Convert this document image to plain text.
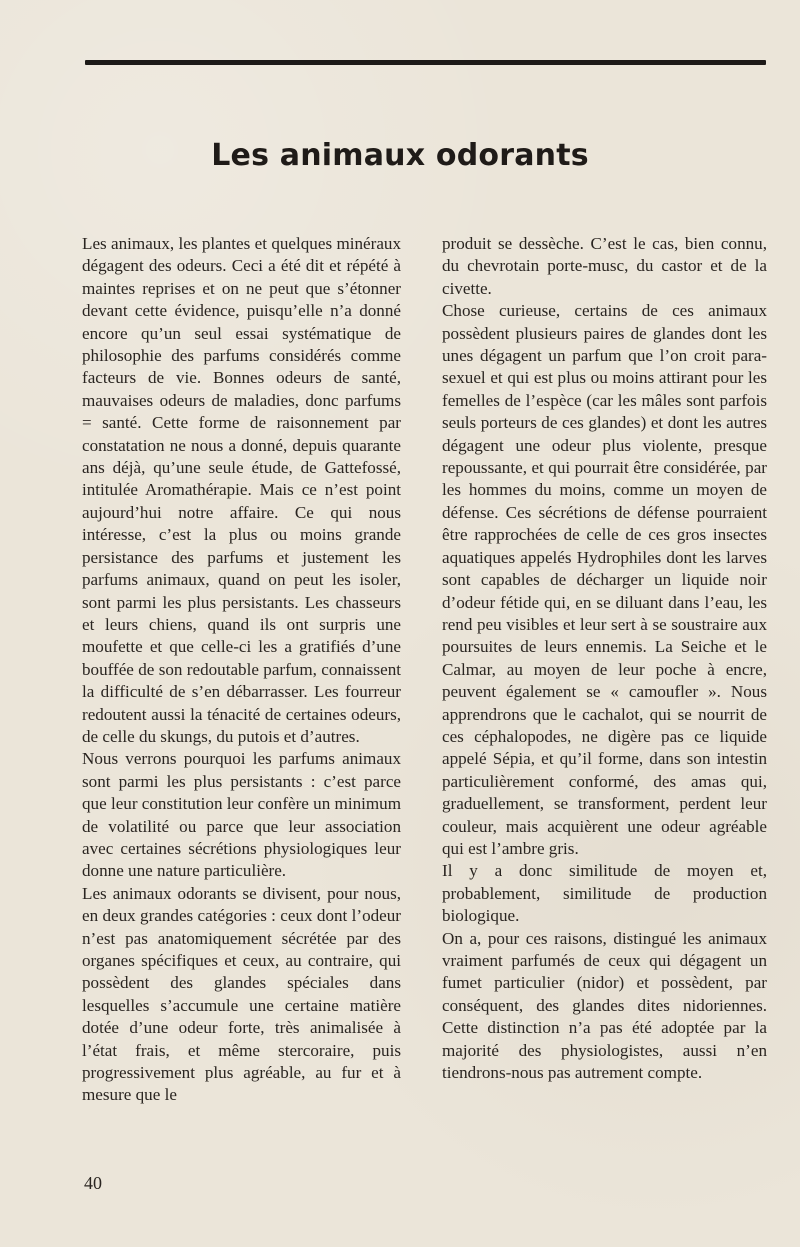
Les animaux odorants

Les animaux, les plantes et quelques minéraux dégagent des odeurs. Ceci a été dit et répété à maintes reprises et on ne peut que s’étonner devant cette évidence, puisqu’elle n’a donné encore qu’un seul essai systématique de philosophie des parfums considérés comme facteurs de vie. Bonnes odeurs de santé, mauvaises odeurs de maladies, donc parfums = santé. Cette forme de raisonnement par constatation ne nous a donné, depuis quarante ans déjà, qu’une seule étude, de Gattefossé, intitulée Aromathérapie. Mais ce n’est point aujourd’hui notre affaire. Ce qui nous intéresse, c’est la plus ou moins grande persistance des parfums et justement les parfums animaux, quand on peut les isoler, sont parmi les plus persistants. Les chasseurs et leurs chiens, quand ils ont surpris une moufette et que celle-ci les a gratifiés d’une bouffée de son redoutable parfum, connaissent la difficulté de s’en débarrasser. Les fourreur redoutent aussi la ténacité de certaines odeurs, de celle du skungs, du putois et d’autres.

Nous verrons pourquoi les parfums animaux sont parmi les plus persistants : c’est parce que leur constitution leur confère un minimum de volatilité ou parce que leur association avec certaines sécrétions physiologiques leur donne une nature particulière.

Les animaux odorants se divisent, pour nous, en deux grandes catégories : ceux dont l’odeur n’est pas anatomiquement sécrétée par des organes spécifiques et ceux, au contraire, qui possèdent des glandes spéciales dans lesquelles s’accumule une certaine matière dotée d’une odeur forte, très animalisée à l’état frais, et même stercoraire, puis progressivement plus agréable, au fur et à mesure que le

produit se dessèche. C’est le cas, bien connu, du chevrotain porte-musc, du castor et de la civette.

Chose curieuse, certains de ces animaux possèdent plusieurs paires de glandes dont les unes dégagent un parfum que l’on croit para-sexuel et qui est plus ou moins attirant pour les femelles de l’espèce (car les mâles sont parfois seuls porteurs de ces glandes) et dont les autres dégagent une odeur plus violente, presque repoussante, et qui pourrait être considérée, par les hommes du moins, comme un moyen de défense. Ces sécrétions de défense pourraient être rapprochées de celle de ces gros insectes aquatiques appelés Hydrophiles dont les larves sont capables de décharger un liquide noir d’odeur fétide qui, en se diluant dans l’eau, les rend peu visibles et leur sert à se soustraire aux poursuites de leurs ennemis. La Seiche et le Calmar, au moyen de leur poche à encre, peuvent également se « camoufler ». Nous apprendrons que le cachalot, qui se nourrit de ces céphalopodes, ne digère pas ce liquide appelé Sépia, et qu’il forme, dans son intestin particulièrement conformé, des amas qui, graduellement, se transforment, perdent leur couleur, mais acquièrent une odeur agréable qui est l’ambre gris.

Il y a donc similitude de moyen et, probablement, similitude de production biologique.

On a, pour ces raisons, distingué les animaux vraiment parfumés de ceux qui dégagent un fumet particulier (nidor) et possèdent, par conséquent, des glandes dites nidoriennes. Cette distinction n’a pas été adoptée par la majorité des physiologistes, aussi n’en tiendrons-nous pas autrement compte.

40
